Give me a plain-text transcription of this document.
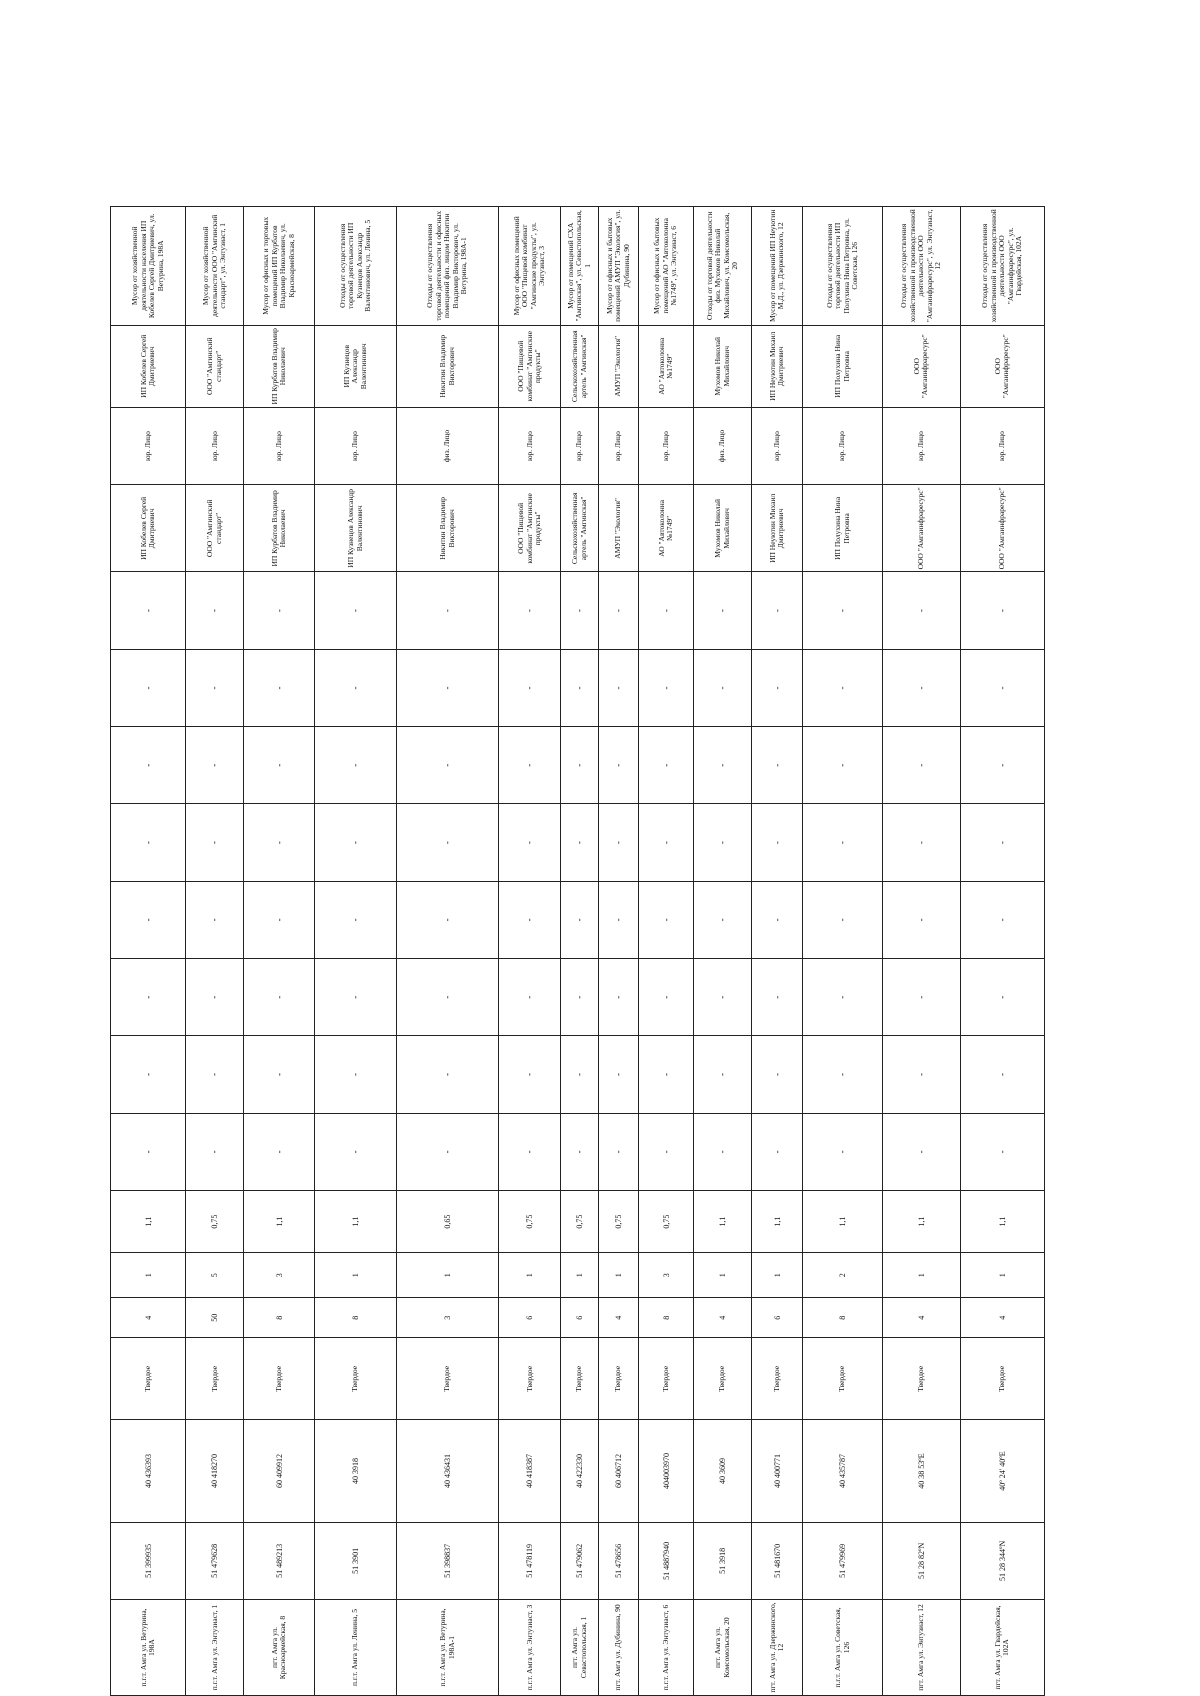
п.г.т. Амга ул. Ветурина, 198А	51 399935	40 436393	Твердое	4	1	1,1	-	-	-	-	-	-	-	-	ИП Кобелев Сергей Дмитриевич	юр. Лицо	ИП Кобелев Сергей Дмитриевич	Мусор от хозяйственной деятельности населения ИП Кобелев Сергей Дмитриевич, ул. Ветурина, 198А
п.г.т. Амга ул. Энтузиаст, 1	51 479628	40 418270	Твердое	50	5	0,75	-	-	-	-	-	-	-	-	ООО "Амгинский стандарт"	юр. Лицо	ООО "Амгинский стандарт"	Мусор от хозяйственной деятельности ООО "Амгинский стандарт", ул. Энтузиаст, 1
пгт. Амга ул. Красноармейская, 8	51 489213	60 409912	Твердое	8	3	1,1	-	-	-	-	-	-	-	-	ИП Курбатов Владимир Николаевич	юр. Лицо	ИП Курбатов Владимир Николаевич	Мусор от офисных и торговых помещений ИП Курбатов Владимир Николаевич, ул. Красноармейская, 8
п.г.т. Амга ул. Ленина, 5	51 3901	40 3918	Твердое	8	1	1,1	-	-	-	-	-	-	-	-	ИП Кузнецов Александр Валентинович	юр. Лицо	ИП Кузнецов Александр Валентинович	Отходы от осуществления торговой деятельности ИП Кузнецов Александр Валентинович, ул. Ленина, 5
п.г.т. Амга ул. Ветурина, 198А-1	51 398837	40 436431	Твердое	3	1	0,65	-	-	-	-	-	-	-	-	Никитин Владимир Викторович	физ. Лицо	Никитин Владимир Викторович	Отходы от осуществления торговой деятельности и офисных помещений физ. лицом Никитин Владимир Викторович, ул. Ветурина, 198А-1
п.г.т. Амга ул. Энтузиаст, 3	51 478119	40 418387	Твердое	6	1	0,75	-	-	-	-	-	-	-	-	ООО "Пищевой комбинат "Амгинские продукты"	юр. Лицо	ООО "Пищевой комбинат "Амгинские продукты"	Мусор от офисных помещений ООО "Пищевой комбинат "Амгинские продукты", ул. Энтузиаст, 3
пгт. Амга ул. Севастопольская, 1	51 479062	40 422330	Твердое	6	1	0,75	-	-	-	-	-	-	-	-	Сельскохозяйственная артель "Амгинская"	юр. Лицо	Сельскохозяйственная артель "Амгинская"	Мусор от помещений СХА "Амгинская", ул. Севастопольская, 1
пгт. Амга ул. Дубинина, 90	51 478656	60 406712	Твердое	4	1	0,75	-	-	-	-	-	-	-	-	АМУП "Экология"	юр. Лицо	АМУП "Экология"	Мусор от офисных и бытовых помещений АМУП "Экология", ул. Дубинина, 90
п.г.т. Амга ул. Энтузиаст, 6	51 4887940	404003970	Твердое	8	3	0,75	-	-	-	-	-	-	-	-	АО "Автоколонна №1749"	юр. Лицо	АО "Автоколонна №1749"	Мусор от офисных и бытовых помещений АО "Автоколонна №1749", ул. Энтузиаст, 6
пгт. Амга ул. Комсомольская, 20	51 3918	40 3609	Твердое	4	1	1,1	-	-	-	-	-	-	-	-	Мухомов Николай Михайлович	физ. Лицо	Мухомов Николай Михайлович	Отходы от торговой деятельности физ. Мухомов Николай Михайлович, ул. Комсомольская, 20
пгт. Амга ул. Дзержинского, 12	51 481670	40 400771	Твердое	6	1	1,1	-	-	-	-	-	-	-	-	ИП Неуютин Михаил Дмитриевич	юр. Лицо	ИП Неуютин Михаил Дмитриевич	Мусор от помещений ИП Неуютин М.Д., ул. Дзержинского, 12
п.г.т. Амга ул. Советская, 126	51 479969	40 435787	Твердое	8	2	1,1	-	-	-	-	-	-	-	-	ИП Полухина Нина Петровна	юр. Лицо	ИП Полухина Нина Петровна	Отходы от осуществления торговой деятельности ИП Полухина Нина Петровна, ул. Советская, 126
пгт. Амга ул. Энтузиаст, 12	51 28 82ºN	40 38 53ºЕ	Твердое	4	1	1,1	-	-	-	-	-	-	-	-	ООО "Амгаинфраресурс"	юр. Лицо	ООО "Амгаинфраресурс"	Отходы от осуществления хозяйственной и производственной деятельности ООО "Амгаинфраресурс", ул. Энтузиаст, 12
пгт. Амга ул. Гвардейская, 102А	51 28 344ºN	40º 24' 40ºЕ	Твердое	4	1	1,1	-	-	-	-	-	-	-	-	ООО "Амгаинфраресурс"	юр. Лицо	ООО "Амгаинфраресурс"	Отходы от осуществления хозяйственной и производственной деятельности ООО "Амгаинфраресурс", ул. Гвардейская, 102А
